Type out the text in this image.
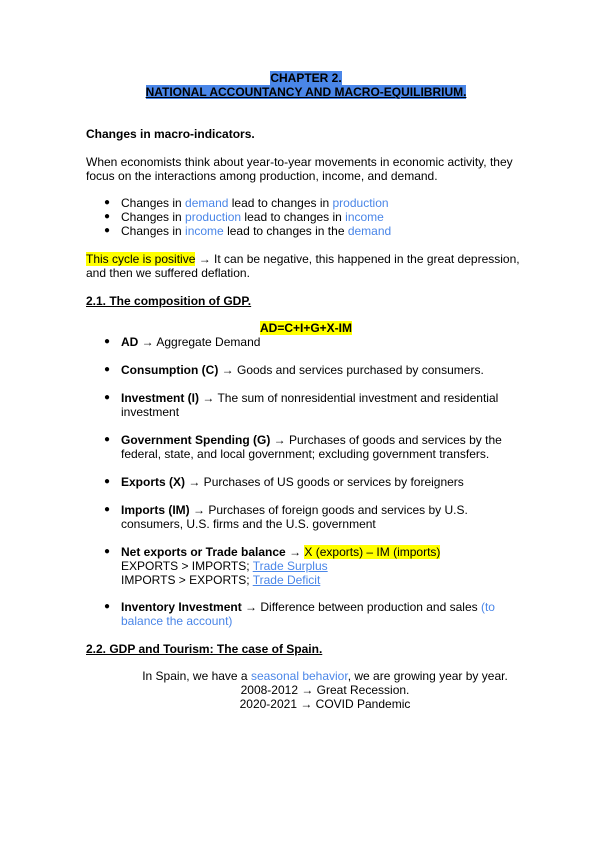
CHAPTER 2.
NATIONAL ACCOUNTANCY AND MACRO-EQUILIBRIUM.

Changes in macro-indicators.

When economists think about year-to-year movements in economic activity, they focus on the interactions among production, income, and demand.

● Changes in demand lead to changes in production

● Changes in production lead to changes in income

● Changes in income lead to changes in the demand

This cycle is positive → It can be negative, this happened in the great depression, and then we suffered deflation.

2.1. The composition of GDP.

AD=C+I+G+X-IM

● AD → Aggregate Demand

● Consumption (C) → Goods and services purchased by consumers.

● Investment (I) → The sum of nonresidential investment and residential investment

● Government Spending (G) → Purchases of goods and services by the federal, state, and local government; excluding government transfers.

● Exports (X) → Purchases of US goods or services by foreigners

● Imports (IM) → Purchases of foreign goods and services by U.S. consumers, U.S. firms and the U.S. government

● Net exports or Trade balance → X (exports) – IM (imports)
EXPORTS > IMPORTS; Trade Surplus
IMPORTS > EXPORTS; Trade Deficit
● Inventory Investment → Difference between production and sales (to balance the account)

2.2. GDP and Tourism: The case of Spain.

In Spain, we have a seasonal behavior, we are growing year by year.
2008-2012 → Great Recession.
2020-2021 → COVID Pandemic
